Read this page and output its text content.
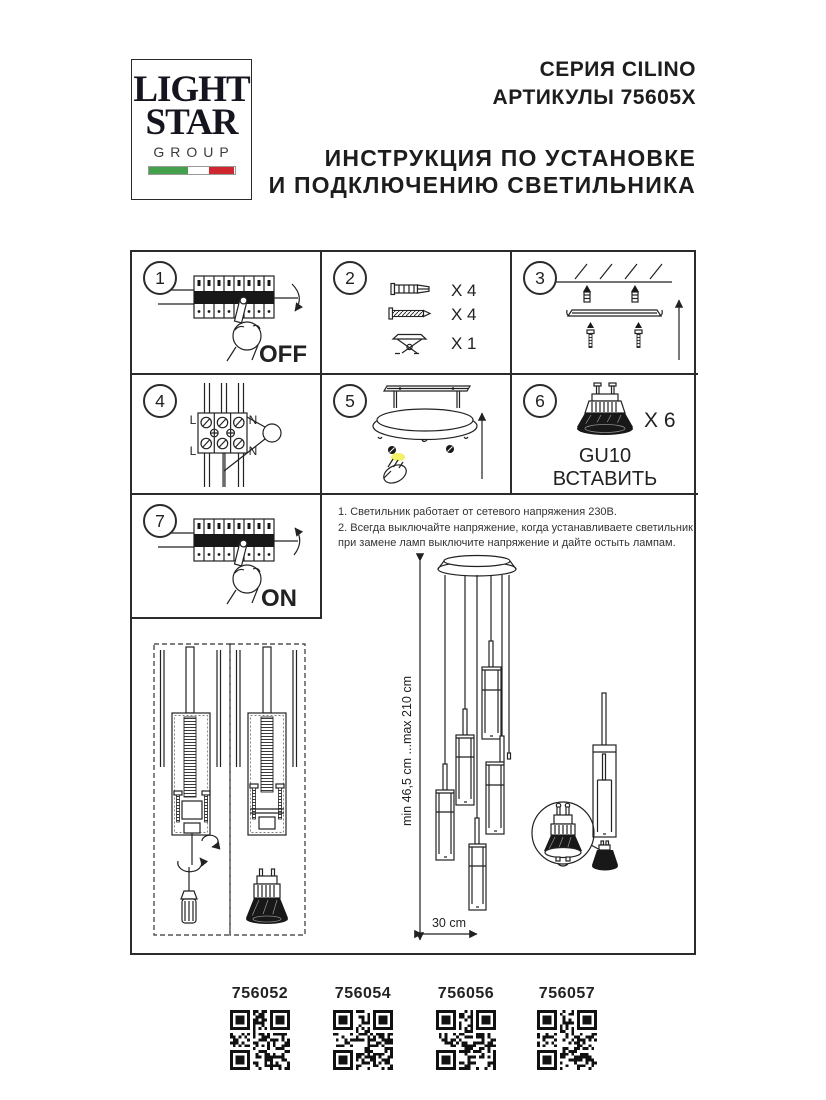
LIGHT
STAR
GROUP
СЕРИЯ CILINO
АРТИКУЛЫ 75605X
ИНСТРУКЦИЯ ПО УСТАНОВКЕ
И ПОДКЛЮЧЕНИЮ СВЕТИЛЬНИКА
OFF
1
X 4
X 4
X 1
2	3
L	N
L	N
4	5
X 6
GU10
ВСТАВИТЬ
6
ON
7	1. Светильник работает от сетевого напряжения 230В.
2. Всегда выключайте напряжение, когда устанавливаете светильник,
при замене ламп выключите напряжение и дайте остыть лампам.
min 46,5 cm ...max 210 cm
30 cm
756052	756054	756056	756057
